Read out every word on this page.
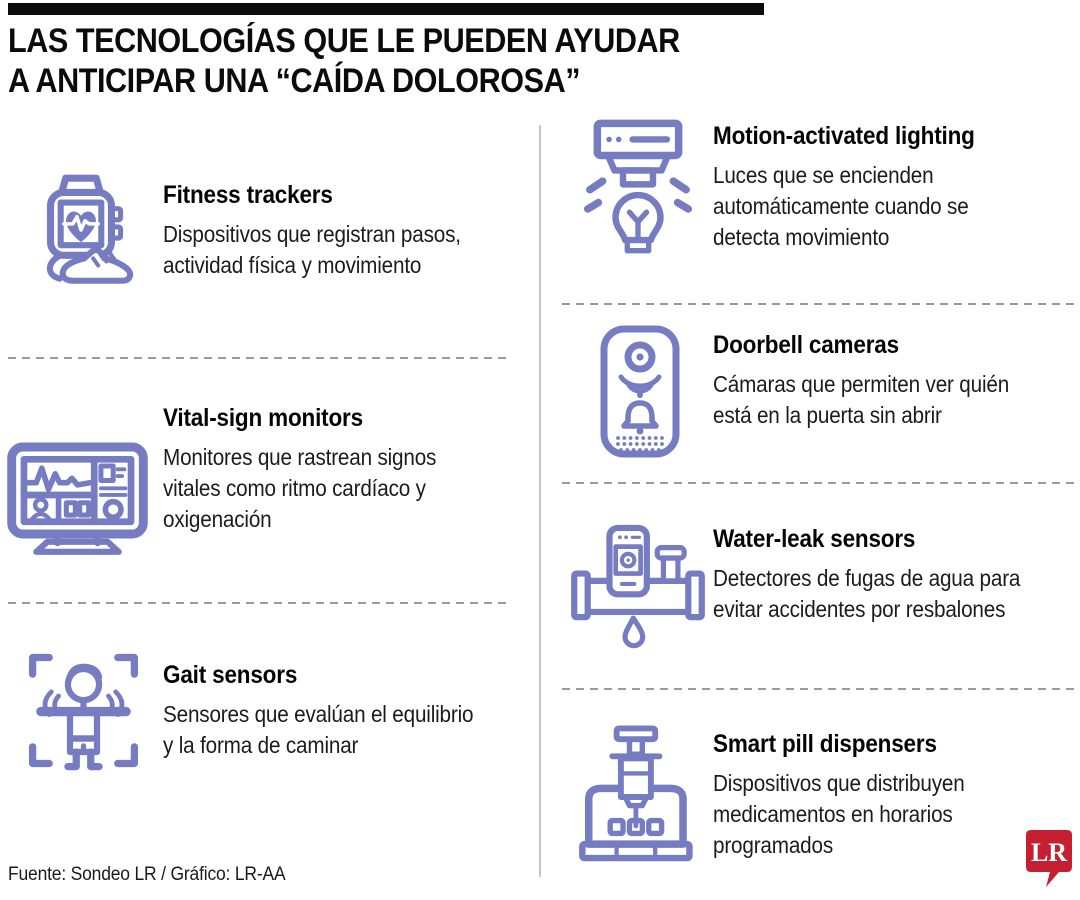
LAS TECNOLOGÍAS QUE LE PUEDEN AYUDAR
A ANTICIPAR UNA “CAÍDA DOLOROSA”
Fitness trackers
Dispositivos que registran pasos,
actividad física y movimiento
Vital-sign monitors
Monitores que rastrean signos
vitales como ritmo cardíaco y
oxigenación
Gait sensors
Sensores que evalúan el equilibrio
y la forma de caminar
Motion-activated lighting
Luces que se encienden
automáticamente cuando se
detecta movimiento
Doorbell cameras
Cámaras que permiten ver quién
está en la puerta sin abrir
Water-leak sensors
Detectores de fugas de agua para
evitar accidentes por resbalones
Smart pill dispensers
Dispositivos que distribuyen
medicamentos en horarios
programados
Fuente: Sondeo LR / Gráfico: LR-AA
LR
